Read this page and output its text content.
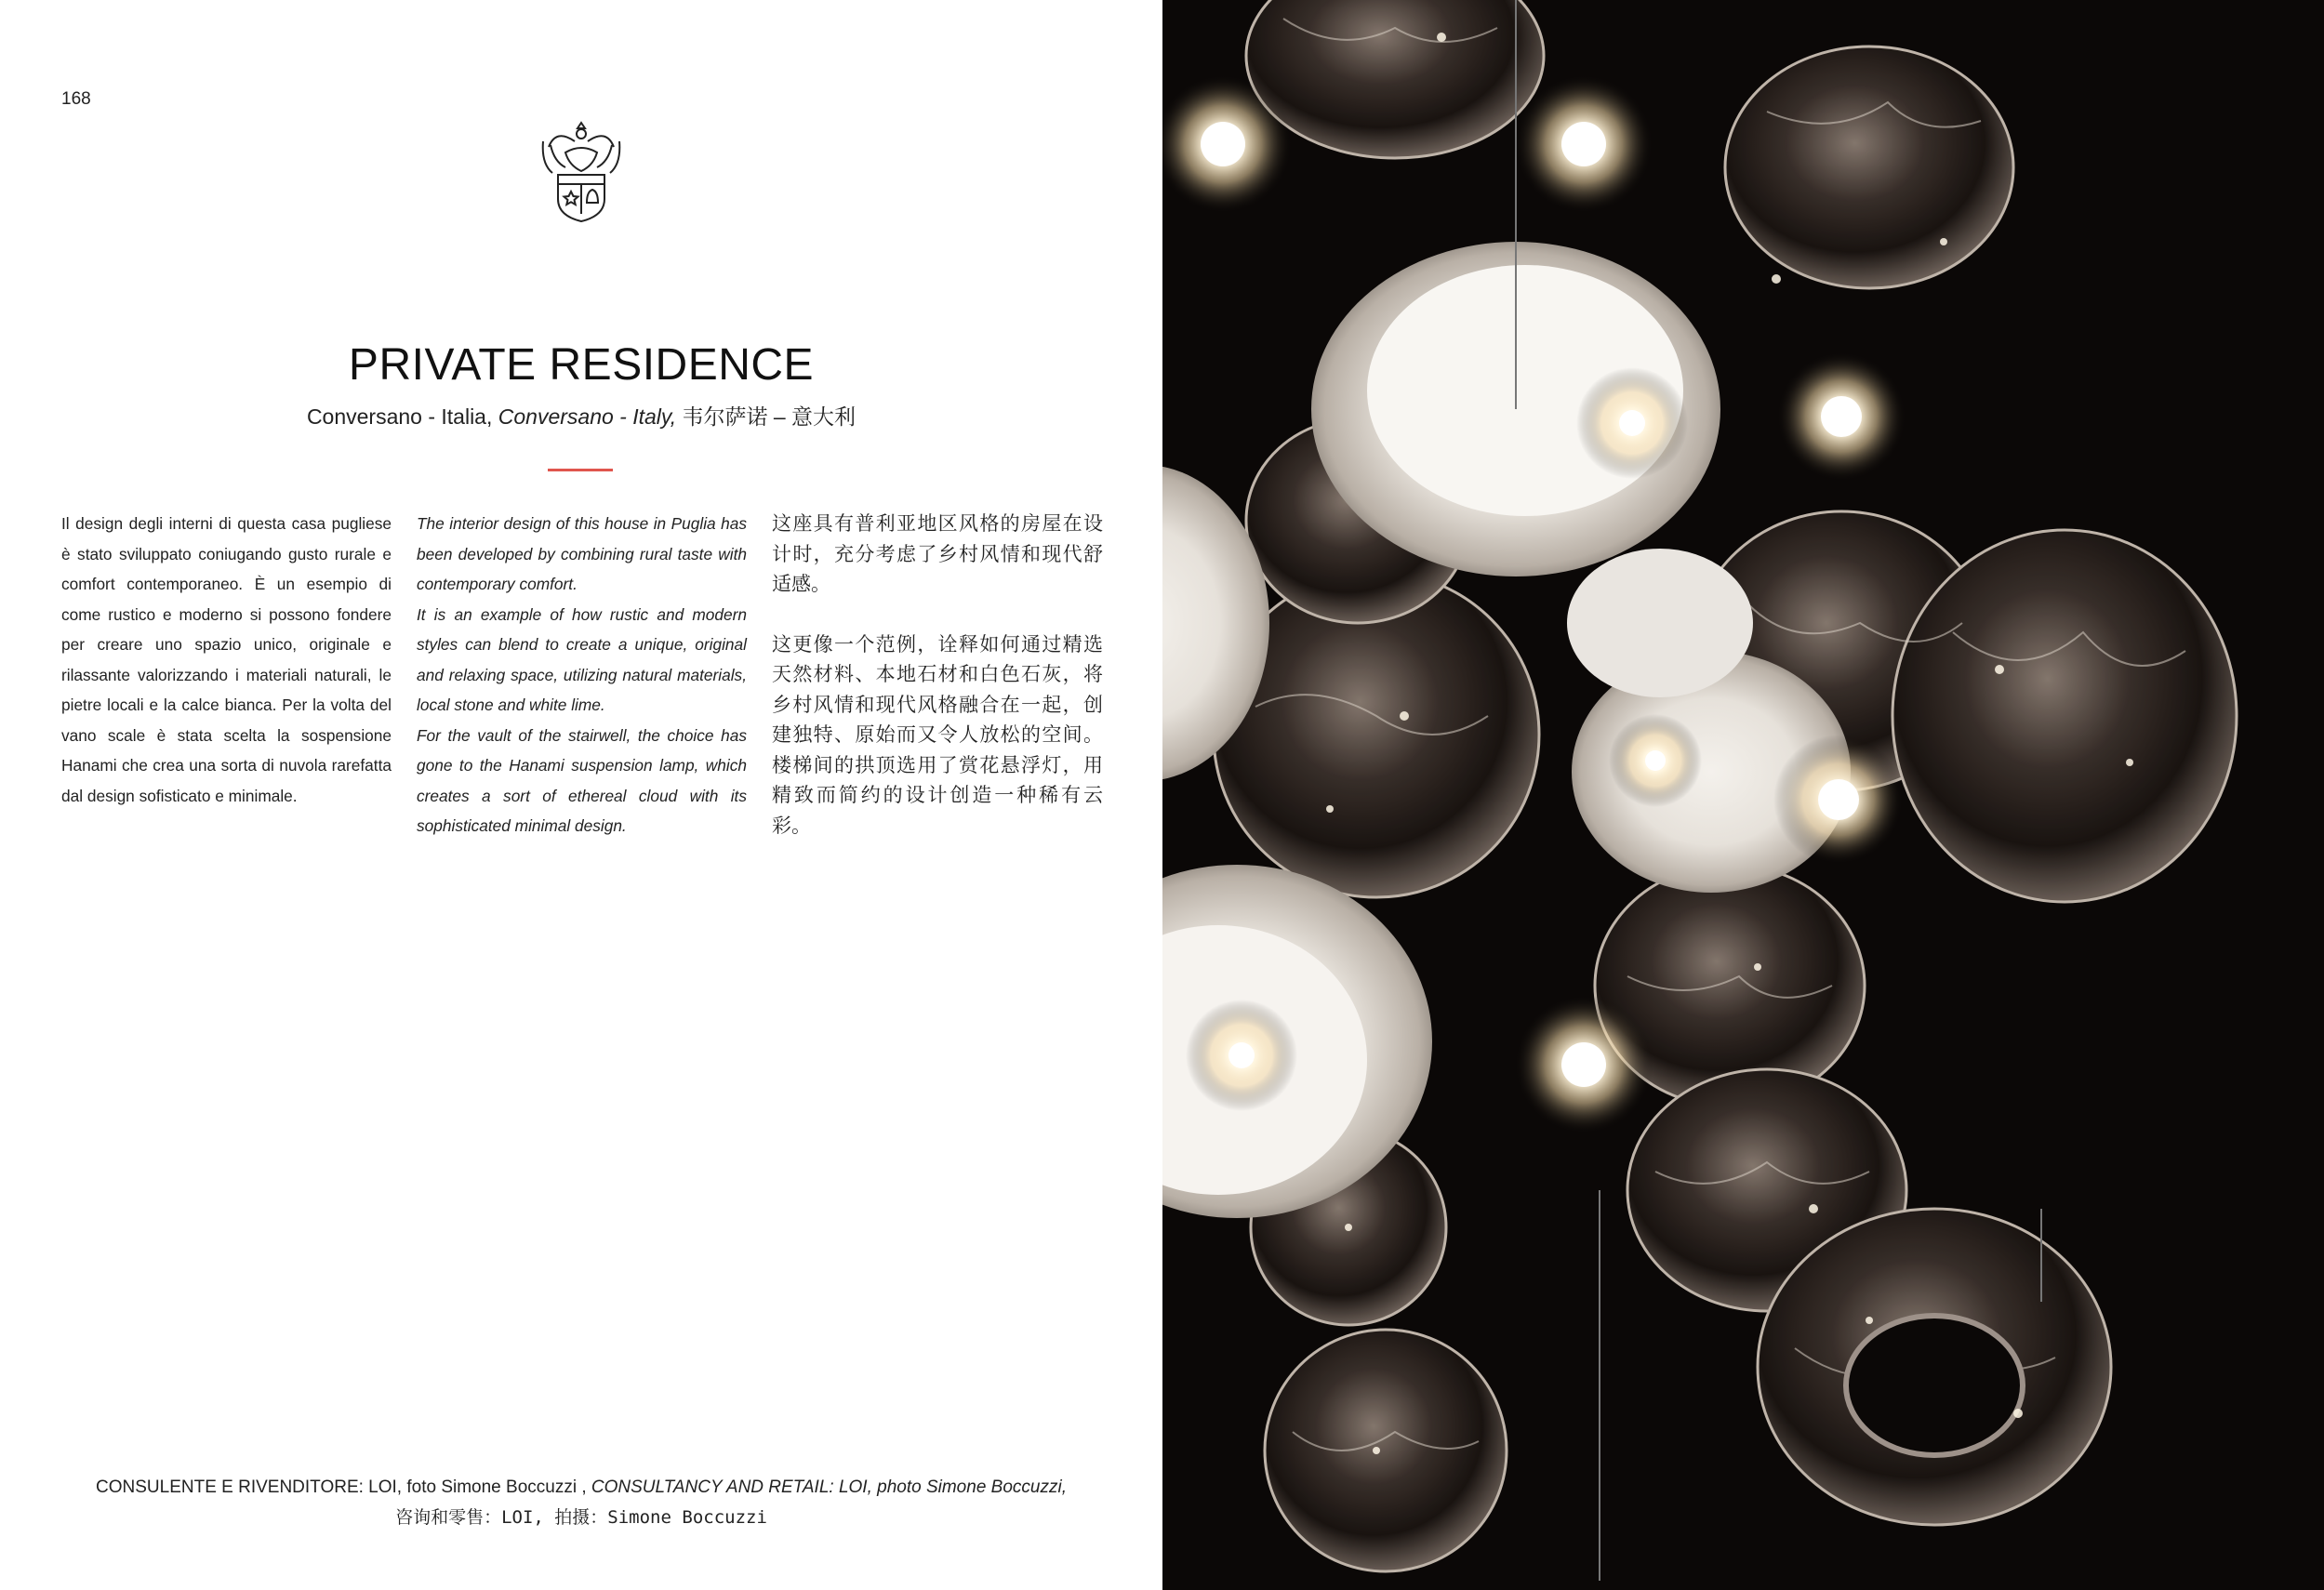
168
PRIVATE RESIDENCE
Conversano - Italia, Conversano - Italy, 韦尔萨诺 – 意大利

Il design degli interni di questa casa pugliese è stato sviluppato coniugando gusto rurale e comfort contemporaneo. È un esempio di come rustico e moderno si possono fondere per creare uno spazio unico, originale e rilassante valorizzando i materiali naturali, le pietre locali e la calce bianca. Per la volta del vano scale è stata scelta la sospensione Hanami che crea una sorta di nuvola rarefatta dal design sofisticato e minimale.

The interior design of this house in Puglia has been developed by combining rural taste with contemporary comfort.

It is an example of how rustic and modern styles can blend to create a unique, original and relaxing space, utilizing natural materials, local stone and white lime.

For the vault of the stairwell, the choice has gone to the Hanami suspension lamp, which creates a sort of ethereal cloud with its sophisticated minimal design.

这座具有普利亚地区风格的房屋在设计时，充分考虑了乡村风情和现代舒适感。

这更像一个范例，诠释如何通过精选天然材料、本地石材和白色石灰，将乡村风情和现代风格融合在一起，创建独特、原始而又令人放松的空间。楼梯间的拱顶选用了赏花悬浮灯，用精致而简约的设计创造一种稀有云彩。

CONSULENTE E RIVENDITORE: LOI, foto Simone Boccuzzi , CONSULTANCY AND RETAIL: LOI, photo Simone Boccuzzi,
咨询和零售：LOI, 拍摄：Simone Boccuzzi
